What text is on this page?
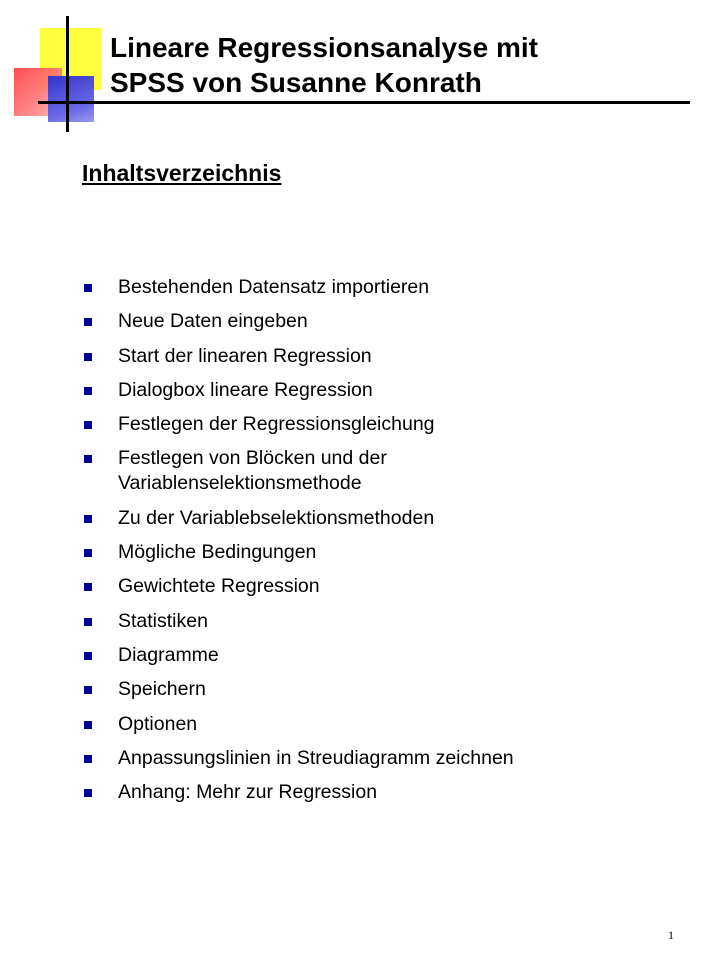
Lineare Regressionsanalyse mit
SPSS von Susanne Konrath
Inhaltsverzeichnis
Bestehenden Datensatz importieren
Neue Daten eingeben
Start der linearen Regression
Dialogbox lineare Regression
Festlegen der Regressionsgleichung
Festlegen von Blöcken und der
Variablenselektionsmethode
Zu der Variablebselektionsmethoden
Mögliche Bedingungen
Gewichtete Regression
Statistiken
Diagramme
Speichern
Optionen
Anpassungslinien in Streudiagramm zeichnen
Anhang: Mehr zur Regression
1
